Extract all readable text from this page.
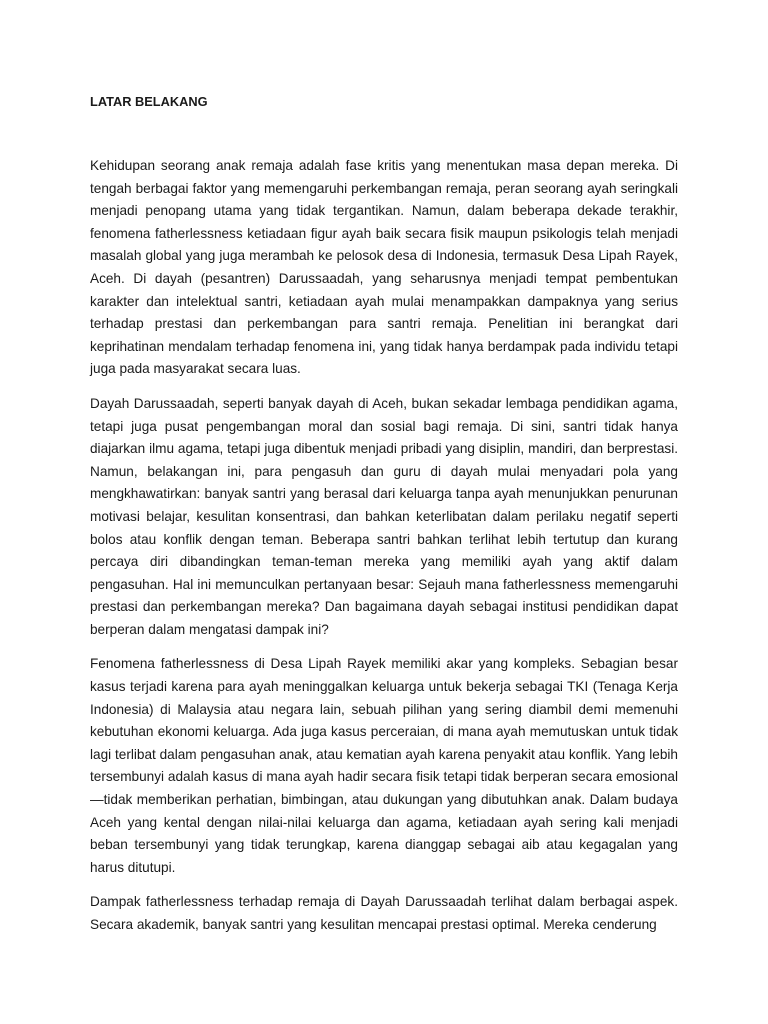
LATAR BELAKANG

Kehidupan seorang anak remaja adalah fase kritis yang menentukan masa depan mereka. Di tengah berbagai faktor yang memengaruhi perkembangan remaja, peran seorang ayah seringkali menjadi penopang utama yang tidak tergantikan. Namun, dalam beberapa dekade terakhir, fenomena fatherlessness ketiadaan figur ayah baik secara fisik maupun psikologis telah menjadi masalah global yang juga merambah ke pelosok desa di Indonesia, termasuk Desa Lipah Rayek, Aceh. Di dayah (pesantren) Darussaadah, yang seharusnya menjadi tempat pembentukan karakter dan intelektual santri, ketiadaan ayah mulai menampakkan dampaknya yang serius terhadap prestasi dan perkembangan para santri remaja. Penelitian ini berangkat dari keprihatinan mendalam terhadap fenomena ini, yang tidak hanya berdampak pada individu tetapi juga pada masyarakat secara luas.

Dayah Darussaadah, seperti banyak dayah di Aceh, bukan sekadar lembaga pendidikan agama, tetapi juga pusat pengembangan moral dan sosial bagi remaja. Di sini, santri tidak hanya diajarkan ilmu agama, tetapi juga dibentuk menjadi pribadi yang disiplin, mandiri, dan berprestasi. Namun, belakangan ini, para pengasuh dan guru di dayah mulai menyadari pola yang mengkhawatirkan: banyak santri yang berasal dari keluarga tanpa ayah menunjukkan penurunan motivasi belajar, kesulitan konsentrasi, dan bahkan keterlibatan dalam perilaku negatif seperti bolos atau konflik dengan teman. Beberapa santri bahkan terlihat lebih tertutup dan kurang percaya diri dibandingkan teman-teman mereka yang memiliki ayah yang aktif dalam pengasuhan. Hal ini memunculkan pertanyaan besar: Sejauh mana fatherlessness memengaruhi prestasi dan perkembangan mereka? Dan bagaimana dayah sebagai institusi pendidikan dapat berperan dalam mengatasi dampak ini?

Fenomena fatherlessness di Desa Lipah Rayek memiliki akar yang kompleks. Sebagian besar kasus terjadi karena para ayah meninggalkan keluarga untuk bekerja sebagai TKI (Tenaga Kerja Indonesia) di Malaysia atau negara lain, sebuah pilihan yang sering diambil demi memenuhi kebutuhan ekonomi keluarga. Ada juga kasus perceraian, di mana ayah memutuskan untuk tidak lagi terlibat dalam pengasuhan anak, atau kematian ayah karena penyakit atau konflik. Yang lebih tersembunyi adalah kasus di mana ayah hadir secara fisik tetapi tidak berperan secara emosional—tidak memberikan perhatian, bimbingan, atau dukungan yang dibutuhkan anak. Dalam budaya Aceh yang kental dengan nilai-nilai keluarga dan agama, ketiadaan ayah sering kali menjadi beban tersembunyi yang tidak terungkap, karena dianggap sebagai aib atau kegagalan yang harus ditutupi.

Dampak fatherlessness terhadap remaja di Dayah Darussaadah terlihat dalam berbagai aspek. Secara akademik, banyak santri yang kesulitan mencapai prestasi optimal. Mereka cenderung
